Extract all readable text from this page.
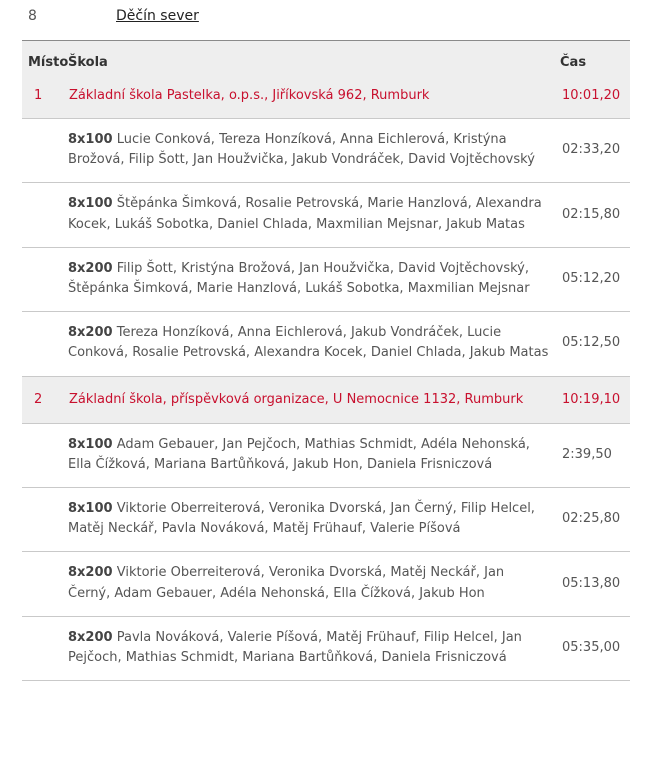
8	Děčín sever
Místo	Škola	Čas
1	Základní škola Pastelka, o.p.s., Jiříkovská 962, Rumburk	10:01,20
	8x100 Lucie Conková, Tereza Honzíková, Anna Eichlerová, Kristýna Brožová, Filip Šott, Jan Houžvička, Jakub Vondráček, David Vojtěchovský	02:33,20
	8x100 Štěpánka Šimková, Rosalie Petrovská, Marie Hanzlová, Alexandra Kocek, Lukáš Sobotka, Daniel Chlada, Maxmilian Mejsnar, Jakub Matas	02:15,80
	8x200 Filip Šott, Kristýna Brožová, Jan Houžvička, David Vojtěchovský, Štěpánka Šimková, Marie Hanzlová, Lukáš Sobotka, Maxmilian Mejsnar	05:12,20
	8x200 Tereza Honzíková, Anna Eichlerová, Jakub Vondráček, Lucie Conková, Rosalie Petrovská, Alexandra Kocek, Daniel Chlada, Jakub Matas	05:12,50
2	Základní škola, příspěvková organizace, U Nemocnice 1132, Rumburk	10:19,10
	8x100 Adam Gebauer, Jan Pejčoch, Mathias Schmidt, Adéla Nehonská, Ella Čížková, Mariana Bartůňková, Jakub Hon, Daniela Frisniczová	2:39,50
	8x100 Viktorie Oberreiterová, Veronika Dvorská, Jan Černý, Filip Helcel, Matěj Neckář, Pavla Nováková, Matěj Frühauf, Valerie Píšová	02:25,80
	8x200 Viktorie Oberreiterová, Veronika Dvorská, Matěj Neckář, Jan Černý, Adam Gebauer, Adéla Nehonská, Ella Čížková, Jakub Hon	05:13,80
	8x200 Pavla Nováková, Valerie Píšová, Matěj Frühauf, Filip Helcel, Jan Pejčoch, Mathias Schmidt, Mariana Bartůňková, Daniela Frisniczová	05:35,00
